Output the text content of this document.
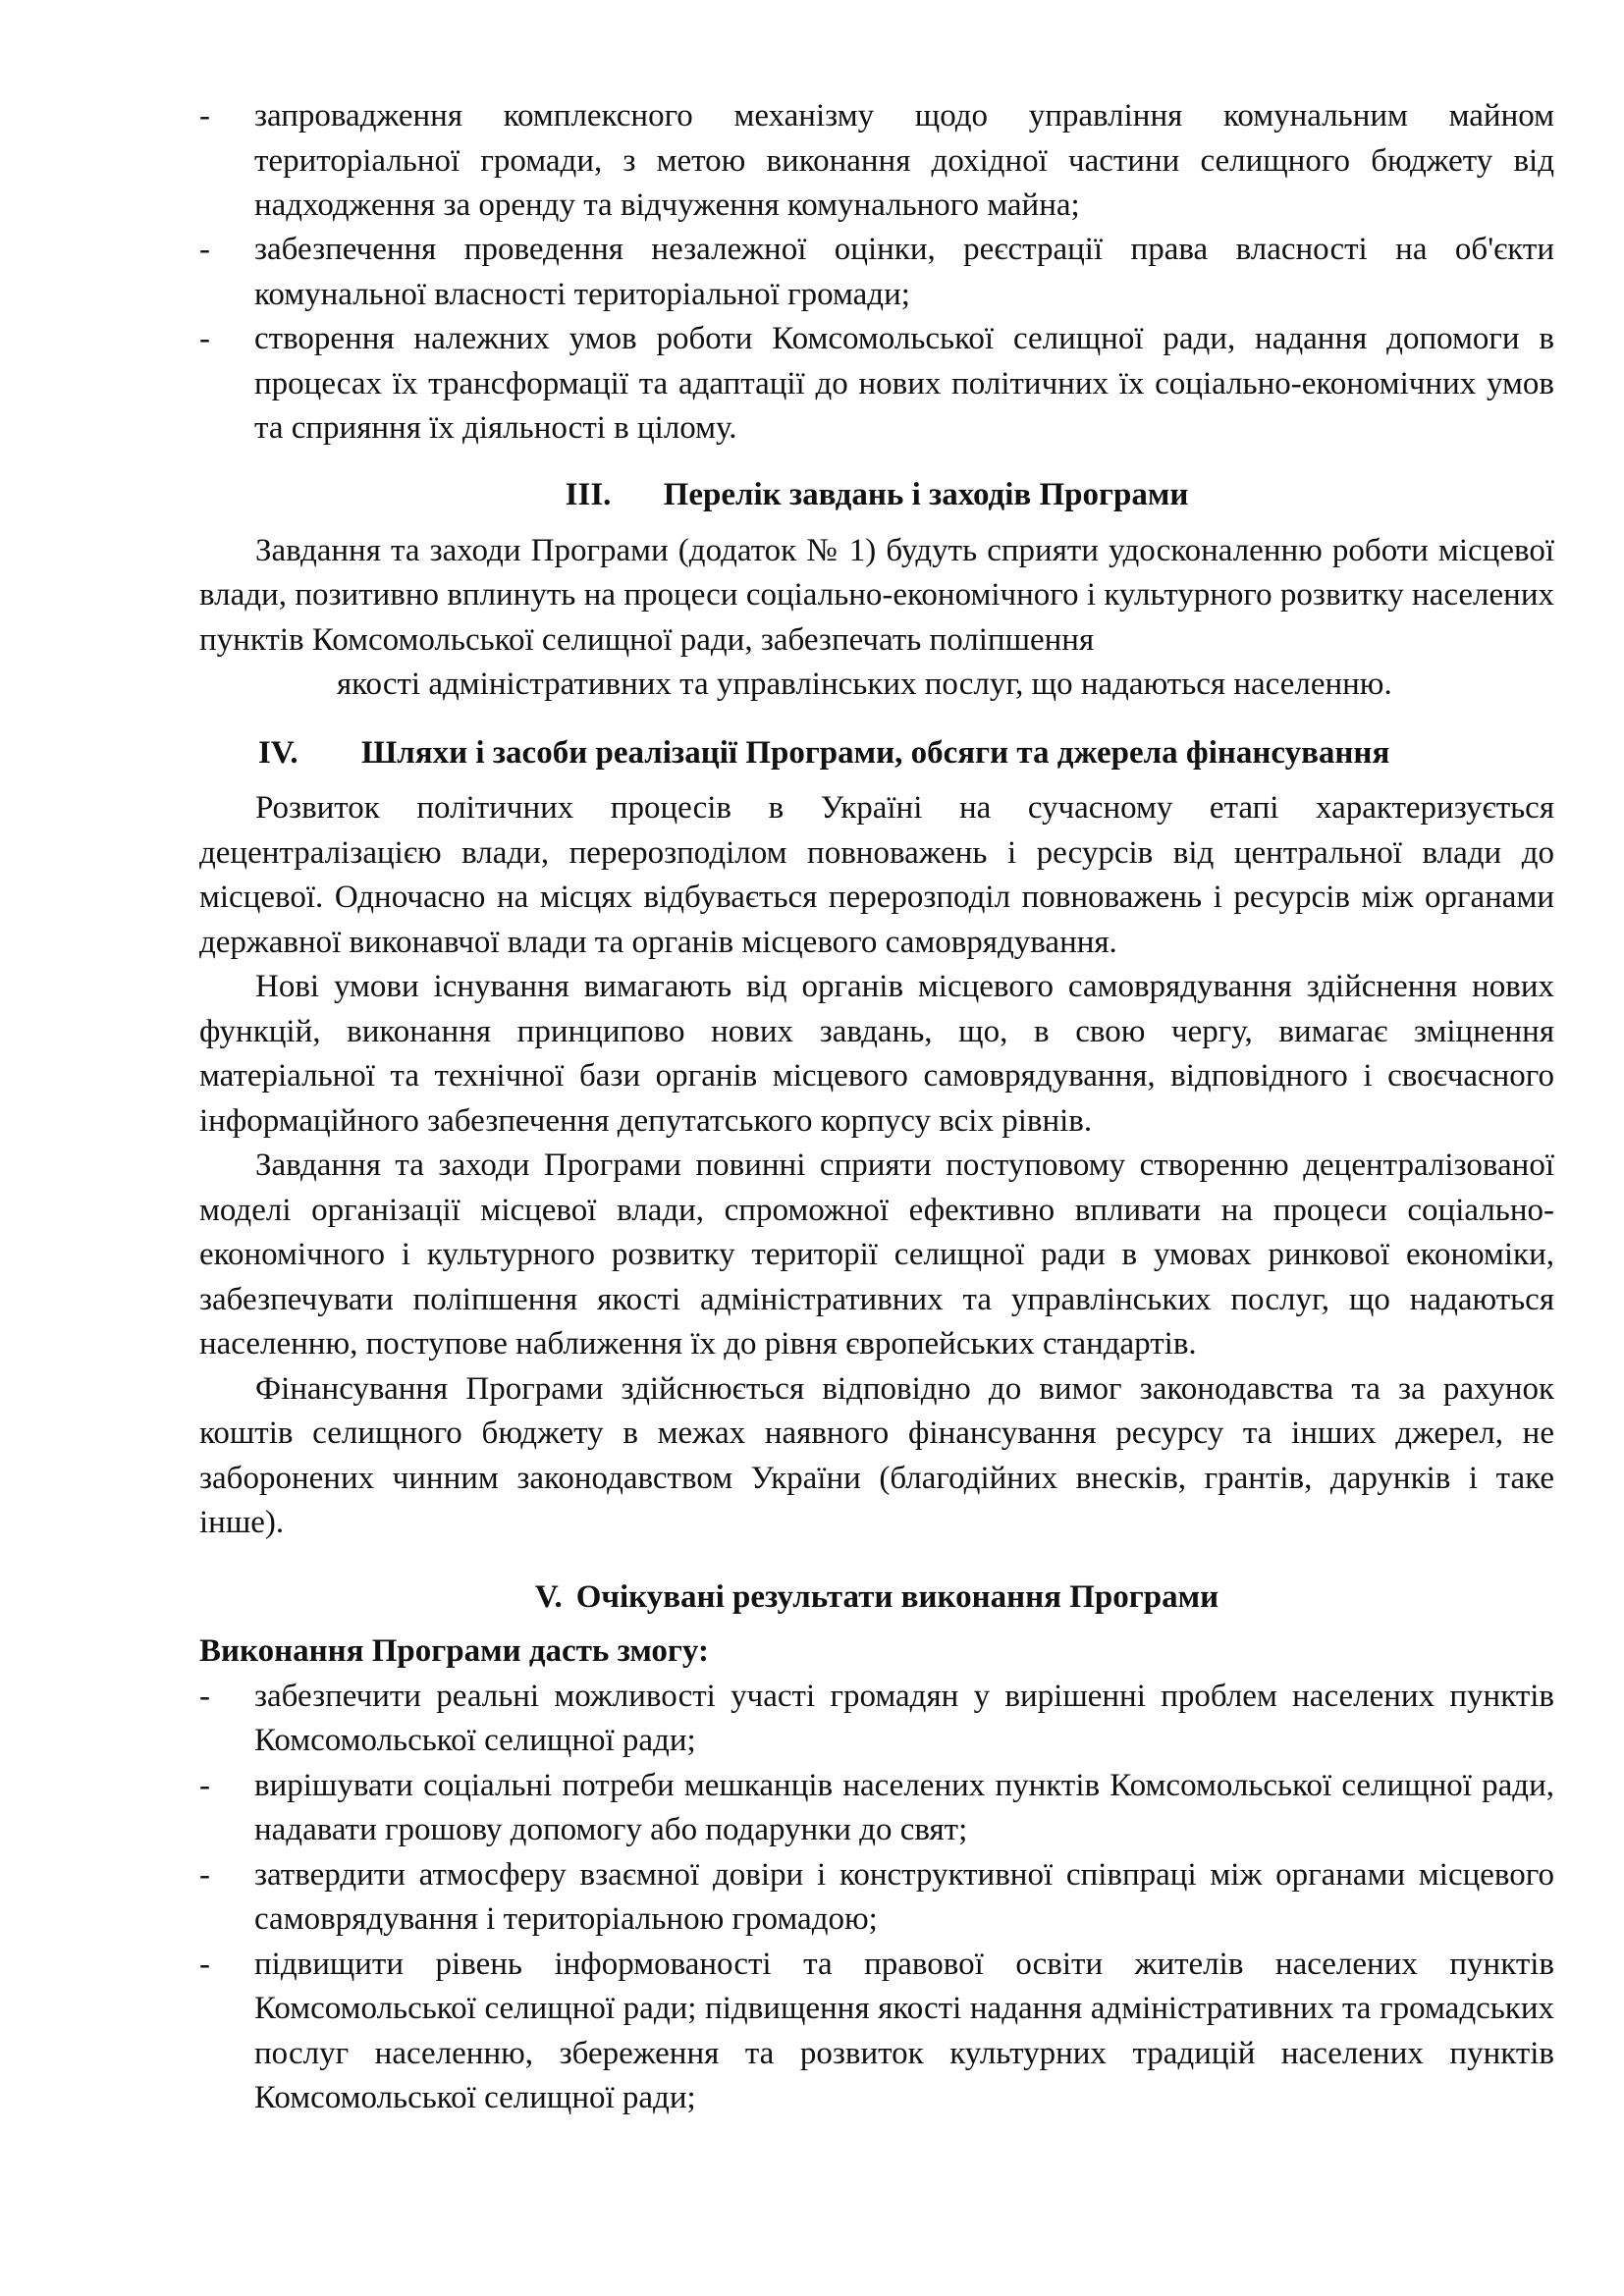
- запровадження комплексного механізму щодо управління комунальним майном територіальної громади, з метою виконання дохідної частини селищного бюджету від надходження за оренду та відчуження комунального майна;
- забезпечення проведення незалежної оцінки, реєстрації права власності на об'єкти комунальної власності територіальної громади;
- створення належних умов роботи Комсомольської селищної ради, надання допомоги в процесах їх трансформації та адаптації до нових політичних їх соціально-економічних умов та сприяння їх діяльності в цілому.
III. Перелік завдань і заходів Програми

Завдання та заходи Програми (додаток № 1) будуть сприяти удосконаленню роботи місцевої влади, позитивно вплинуть на процеси соціально-економічного і культурного розвитку населених пунктів Комсомольської селищної ради, забезпечать поліпшення

якості адміністративних та управлінських послуг, що надаються населенню.

IV. Шляхи і засоби реалізації Програми, обсяги та джерела фінансування

Розвиток політичних процесів в Україні на сучасному етапі характеризується децентралізацією влади, перерозподілом повноважень і ресурсів від центральної влади до місцевої. Одночасно на місцях відбувається перерозподіл повноважень і ресурсів між органами державної виконавчої влади та органів місцевого самоврядування.

Нові умови існування вимагають від органів місцевого самоврядування здійснення нових функцій, виконання принципово нових завдань, що, в свою чергу, вимагає зміцнення матеріальної та технічної бази органів місцевого самоврядування, відповідного і своєчасного інформаційного забезпечення депутатського корпусу всіх рівнів.

Завдання та заходи Програми повинні сприяти поступовому створенню децентралізованої моделі організації місцевої влади, спроможної ефективно впливати на процеси соціально-економічного і культурного розвитку території селищної ради в умовах ринкової економіки, забезпечувати поліпшення якості адміністративних та управлінських послуг, що надаються населенню, поступове наближення їх до рівня європейських стандартів.

Фінансування Програми здійснюється відповідно до вимог законодавства та за рахунок коштів селищного бюджету в межах наявного фінансування ресурсу та інших джерел, не заборонених чинним законодавством України (благодійних внесків, грантів, дарунків і таке інше).

V. Очікувані результати виконання Програми

Виконання Програми дасть змогу:

- забезпечити реальні можливості участі громадян у вирішенні проблем населених пунктів Комсомольської селищної ради;
- вирішувати соціальні потреби мешканців населених пунктів Комсомольської селищної ради, надавати грошову допомогу або подарунки до свят;
- затвердити атмосферу взаємної довіри і конструктивної співпраці між органами місцевого самоврядування і територіальною громадою;
- підвищити рівень інформованості та правової освіти жителів населених пунктів Комсомольської селищної ради; підвищення якості надання адміністративних та громадських послуг населенню, збереження та розвиток культурних традицій населених пунктів Комсомольської селищної ради;
